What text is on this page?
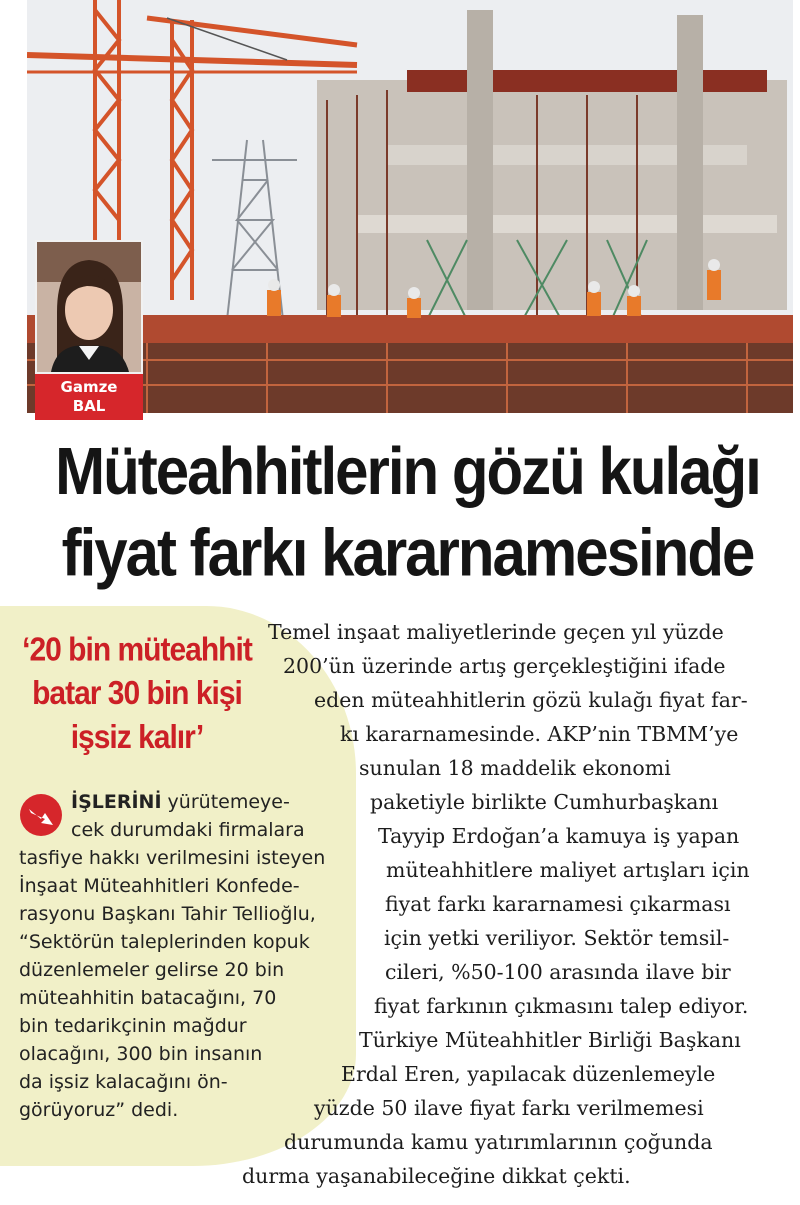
Gamze
BAL
Müteahhitlerin gözü kulağı
fiyat farkı kararnamesinde
‘20 bin müteahhit
batar 30 bin kişi
işsiz kalır’
İŞLERİNİ yürütemeye-
cek durumdaki firmalara
tasfiye hakkı verilmesini isteyen
İnşaat Müteahhitleri Konfede-
rasyonu Başkanı Tahir Tellioğlu,
“Sektörün taleplerinden kopuk
düzenlemeler gelirse 20 bin
müteahhitin batacağını, 70
bin tedarikçinin mağdur
olacağını, 300 bin insanın
da işsiz kalacağını ön-
görüyoruz” dedi.
Temel inşaat maliyetlerinde geçen yıl yüzde
200’ün üzerinde artış gerçekleştiğini ifade
eden müteahhitlerin gözü kulağı fiyat far-
kı kararnamesinde. AKP’nin TBMM’ye
sunulan 18 maddelik ekonomi
paketiyle birlikte Cumhurbaşkanı
Tayyip Erdoğan’a kamuya iş yapan
müteahhitlere maliyet artışları için
fiyat farkı kararnamesi çıkarması
için yetki veriliyor. Sektör temsil-
cileri, %50-100 arasında ilave bir
fiyat farkının çıkmasını talep ediyor.
Türkiye Müteahhitler Birliği Başkanı
Erdal Eren, yapılacak düzenlemeyle
yüzde 50 ilave fiyat farkı verilmemesi
durumunda kamu yatırımlarının çoğunda
durma yaşanabileceğine dikkat çekti.
